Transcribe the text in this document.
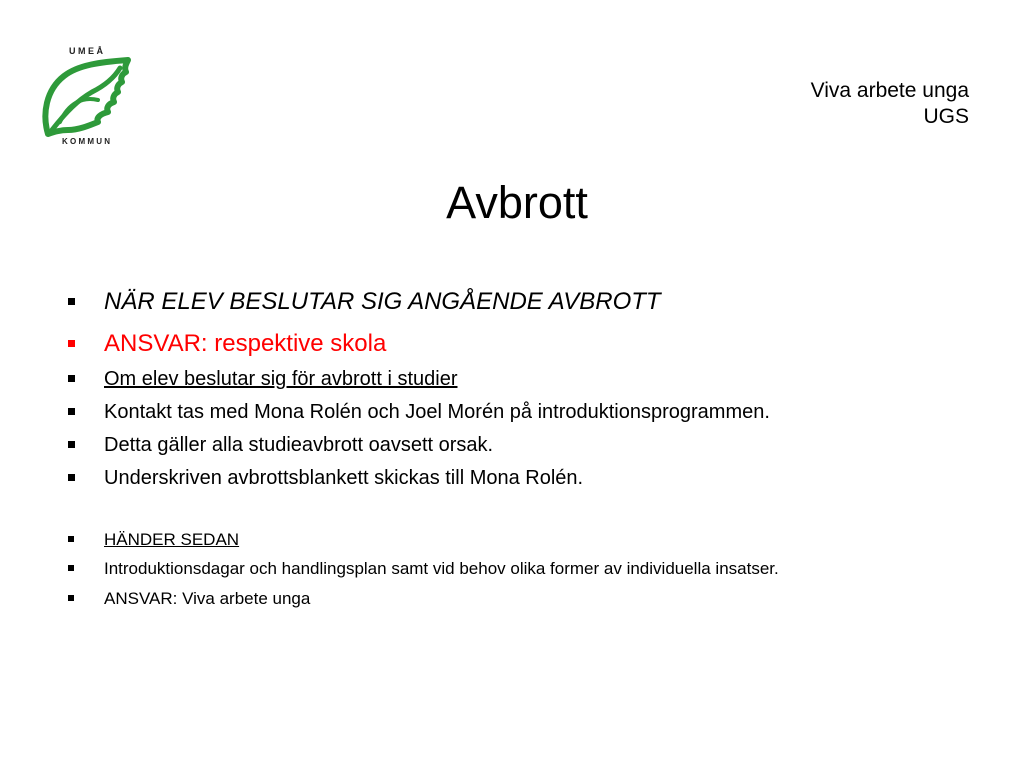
U M E Å
K O M M U N
Viva arbete unga
UGS
Avbrott
NÄR ELEV BESLUTAR SIG ANGÅENDE AVBROTT
ANSVAR: respektive skola
Om elev beslutar sig för avbrott i studier
Kontakt tas med Mona Rolén och Joel Morén på introduktionsprogrammen.
Detta gäller alla studieavbrott oavsett orsak.
Underskriven avbrottsblankett skickas till Mona Rolén.
HÄNDER SEDAN
Introduktionsdagar och handlingsplan samt vid behov olika former av individuella insatser.
ANSVAR: Viva arbete unga
